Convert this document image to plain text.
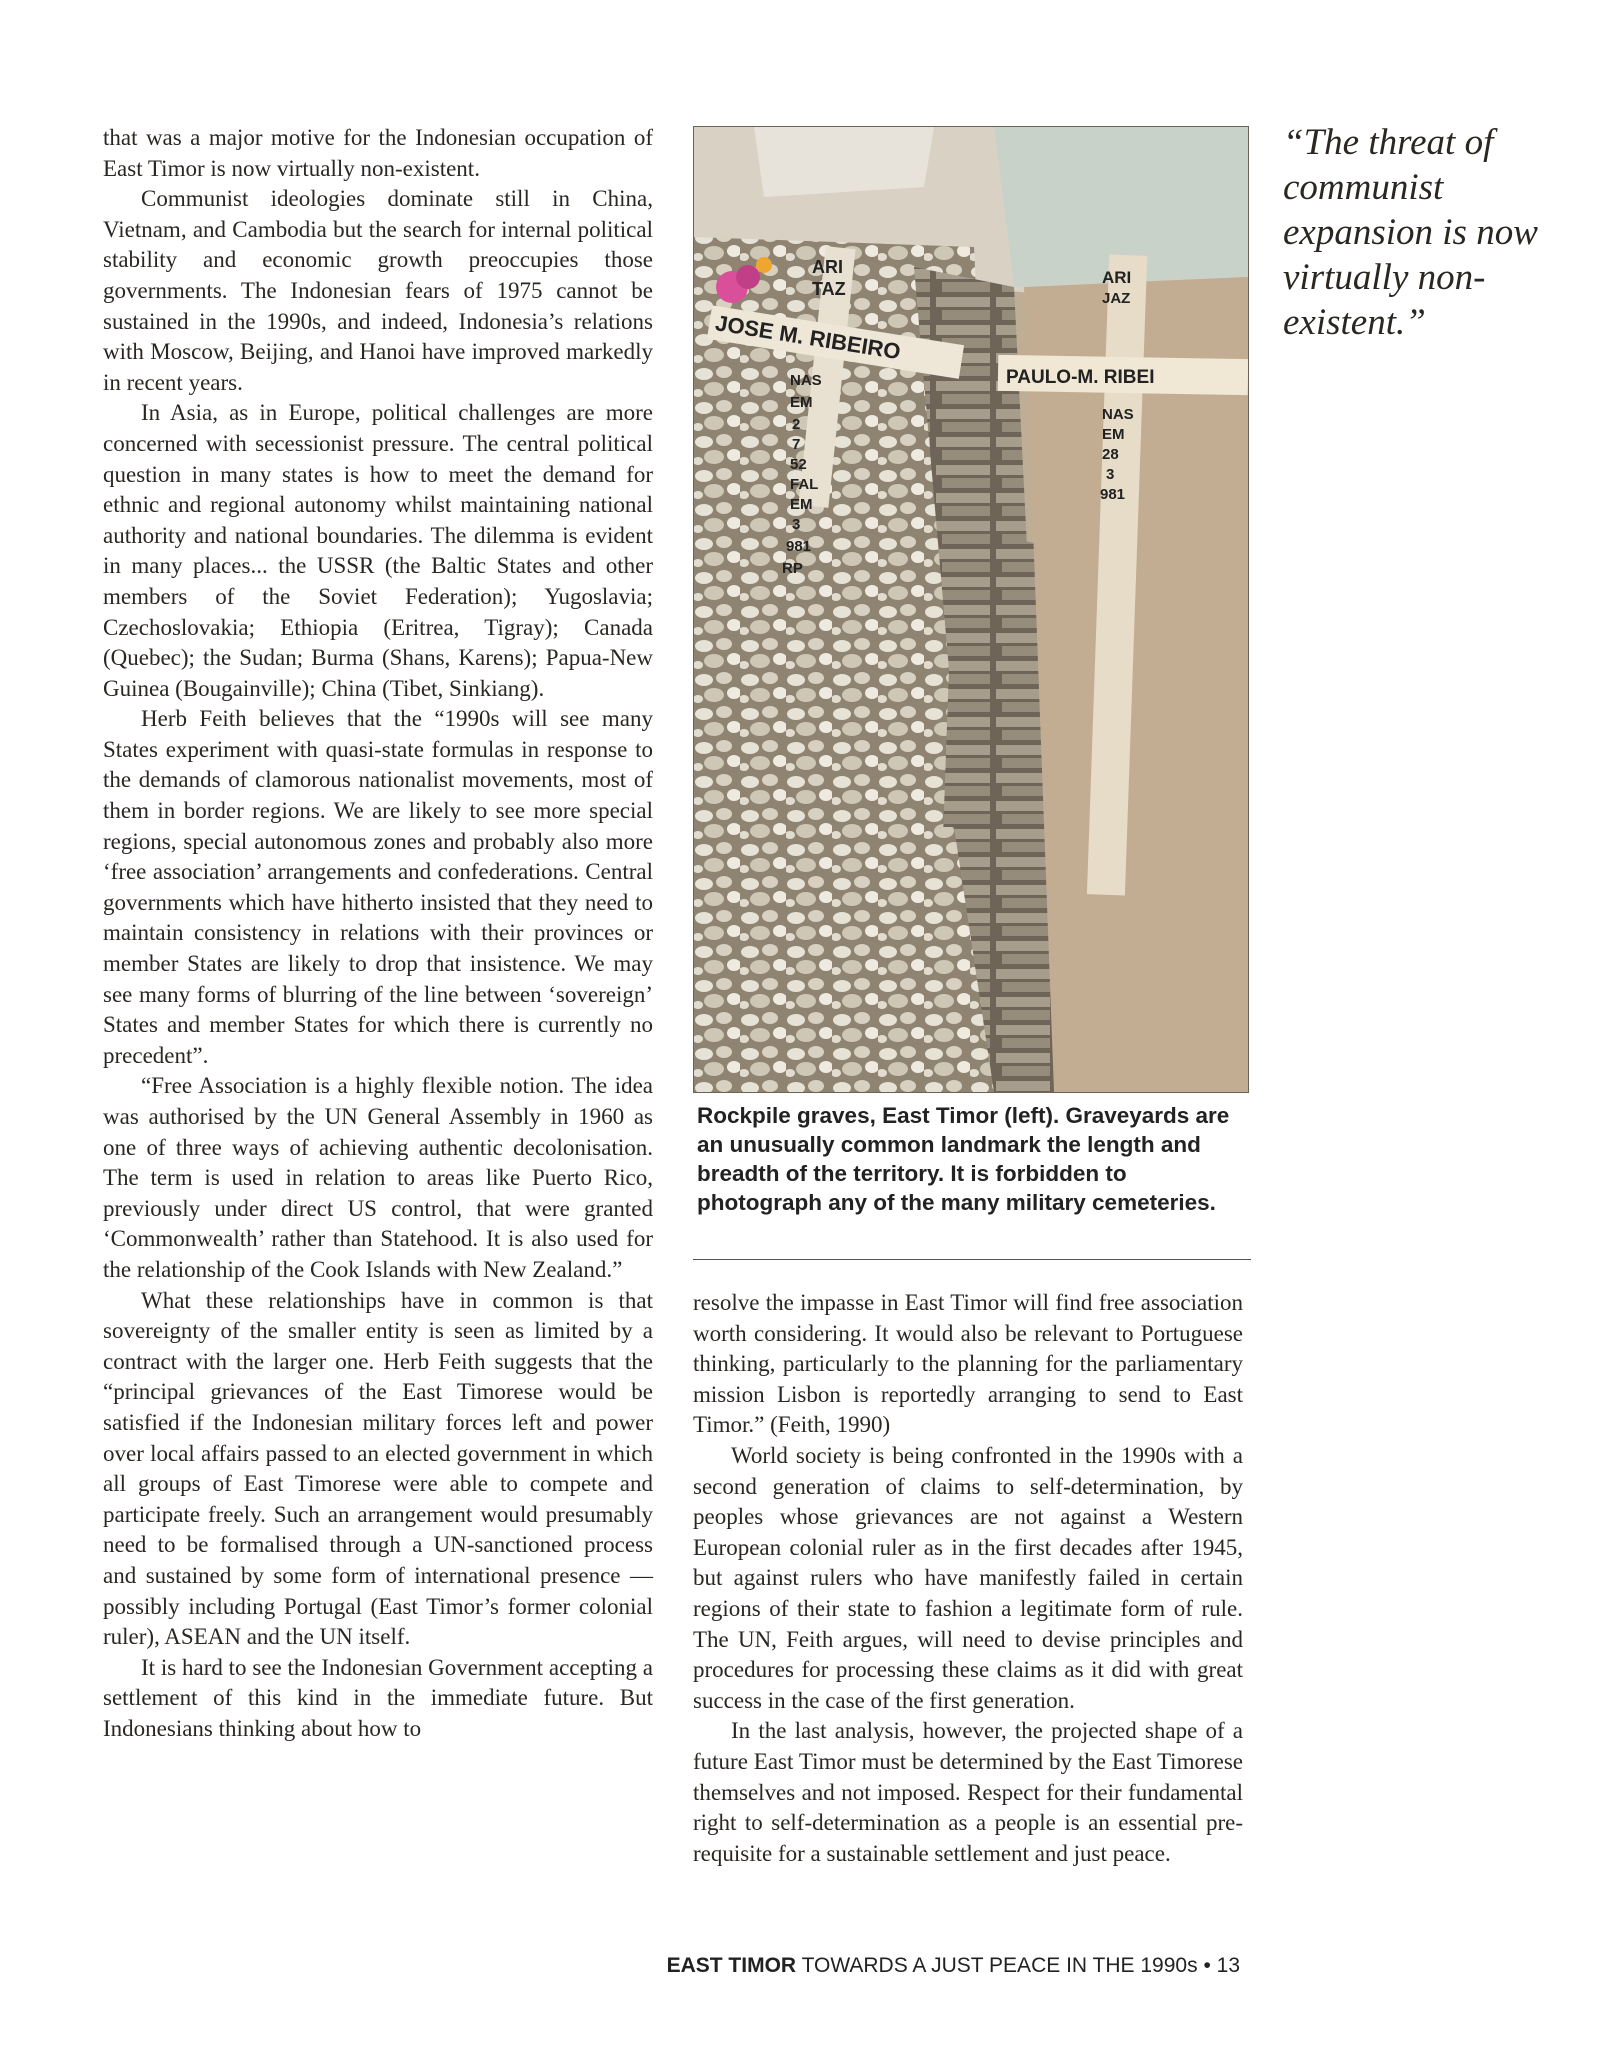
that was a major motive for the Indonesian occupation of East Timor is now virtually non-existent.

Communist ideologies dominate still in China, Vietnam, and Cambodia but the search for internal political stability and economic growth preoccupies those governments. The Indonesian fears of 1975 cannot be sustained in the 1990s, and indeed, Indonesia’s relations with Moscow, Beijing, and Hanoi have improved markedly in recent years.

In Asia, as in Europe, political challenges are more concerned with secessionist pressure. The central political question in many states is how to meet the demand for ethnic and regional autonomy whilst maintaining national authority and national boundaries. The dilemma is evident in many places... the USSR (the Baltic States and other members of the Soviet Federation); Yugoslavia; Czechoslovakia; Ethiopia (Eritrea, Tigray); Canada (Quebec); the Sudan; Burma (Shans, Karens); Papua-New Guinea (Bougainville); China (Tibet, Sinkiang).

Herb Feith believes that the “1990s will see many States experiment with quasi-state formulas in response to the demands of clamorous nationalist movements, most of them in border regions. We are likely to see more special regions, special autonomous zones and probably also more ‘free association’ arrangements and confederations. Central governments which have hitherto insisted that they need to maintain consistency in relations with their provinces or member States are likely to drop that insistence. We may see many forms of blurring of the line between ‘sovereign’ States and member States for which there is currently no precedent”.

“Free Association is a highly flexible notion. The idea was authorised by the UN General Assembly in 1960 as one of three ways of achieving authentic decolonisation. The term is used in relation to areas like Puerto Rico, previously under direct US control, that were granted ‘Commonwealth’ rather than Statehood. It is also used for the relationship of the Cook Islands with New Zealand.”

What these relationships have in common is that sovereignty of the smaller entity is seen as limited by a contract with the larger one. Herb Feith suggests that the “principal grievances of the East Timorese would be satisfied if the Indonesian military forces left and power over local affairs passed to an elected government in which all groups of East Timorese were able to compete and participate freely. Such an arrangement would presumably need to be formalised through a UN-sanctioned process and sustained by some form of international presence — possibly including Portugal (East Timor’s former colonial ruler), ASEAN and the UN itself.

It is hard to see the Indonesian Government accepting a settlement of this kind in the immediate future. But Indonesians thinking about how to

ARI
TAZ
JOSE M. RIBEIRO
NAS
EM
2
7
52
FAL
EM
3
981
RP
ARI
JAZ
PAULO-M. RIBEI
NAS
EM
28
3
981
Rockpile graves, East Timor (left). Graveyards are an unusually common landmark the length and breadth of the territory. It is forbidden to photograph any of the many military cemeteries.
“The threat of communist expansion is now virtually non-existent.”

resolve the impasse in East Timor will find free association worth considering. It would also be relevant to Portuguese thinking, particularly to the planning for the parliamentary mission Lisbon is reportedly arranging to send to East Timor.” (Feith, 1990)

World society is being confronted in the 1990s with a second generation of claims to self-determination, by peoples whose grievances are not against a Western European colonial ruler as in the first decades after 1945, but against rulers who have manifestly failed in certain regions of their state to fashion a legitimate form of rule. The UN, Feith argues, will need to devise principles and procedures for processing these claims as it did with great success in the case of the first generation.

In the last analysis, however, the projected shape of a future East Timor must be determined by the East Timorese themselves and not imposed. Respect for their fundamental right to self-determination as a people is an essential pre-requisite for a sustainable settlement and just peace.

EAST TIMOR TOWARDS A JUST PEACE IN THE 1990s • 13
